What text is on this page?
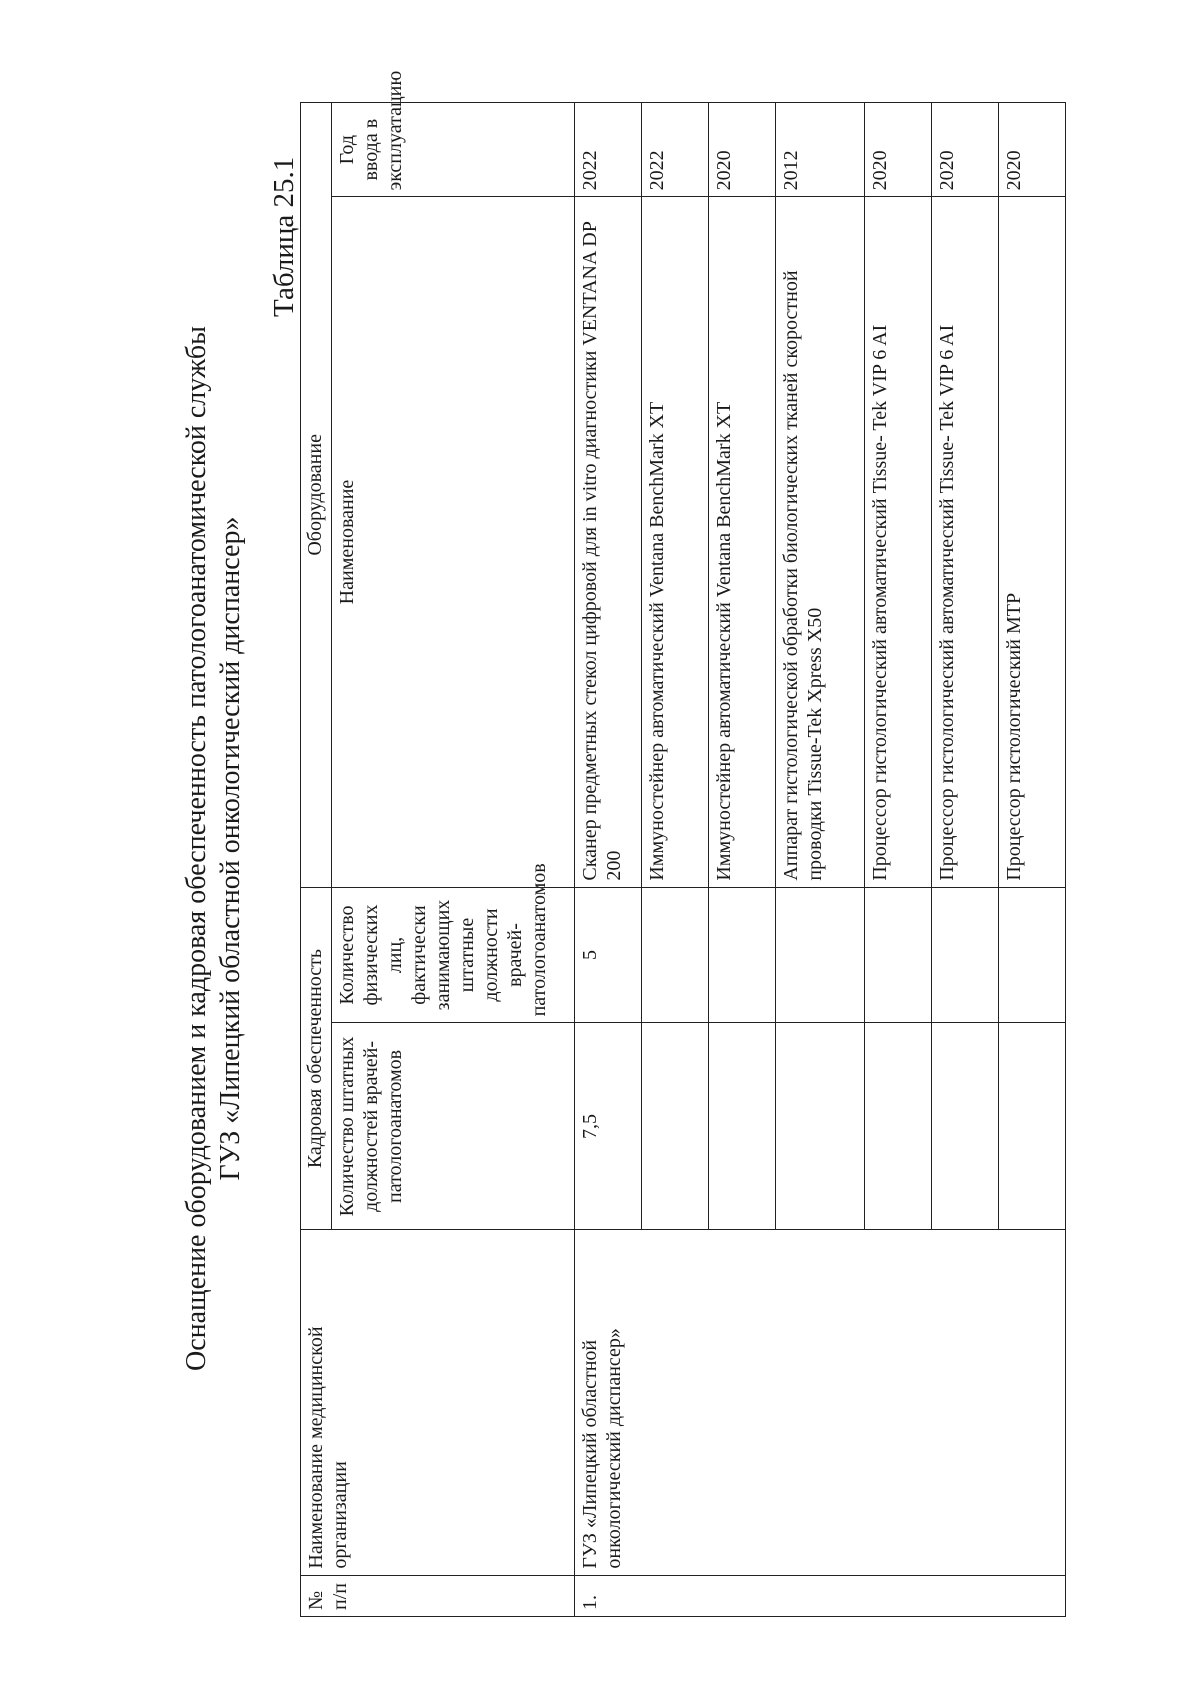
Оснащение оборудованием и кадровая обеспеченность патологоанатомической службы ГУЗ «Липецкий областной онкологический диспансер»
Таблица 25.1
№ п/п	Наименование медицинской организации	Кадровая обеспеченность		Оборудование	
		Количество штатных должностей врачей-патологоанатомов	Количество физических лиц, фактически занимающих штатные должности врачей-патологоанатомов	Наименование	Год ввода в эксплуатацию
1.	ГУЗ «Липецкий областной онкологический диспансер»	7,5	5	Сканер предметных стекол цифровой для in vitro диагностики VENTANA DP 200	2022
				Иммуностейнер автоматический Ventana BenchMark XT	2022
				Иммуностейнер автоматический Ventana BenchMark XT	2020
				Аппарат гистологической обработки биологических тканей скоростной проводки Tissue-Tek Xpress X50	2012
				Процессор гистологический автоматический Tissue- Tek VIP 6 AI	2020
				Процессор гистологический автоматический Tissue- Tek VIP 6 AI	2020
				Процессор гистологический МТР	2020
